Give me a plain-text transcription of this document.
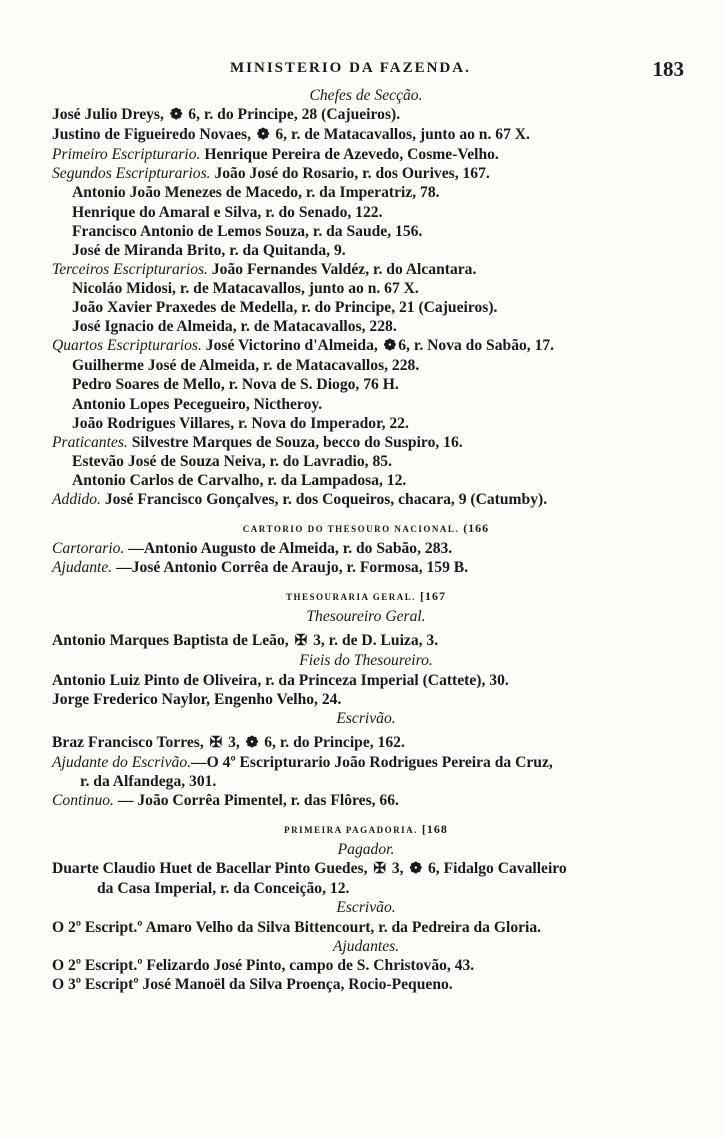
MINISTERIO DA FAZENDA.	183
Chefes de Secção.
José Julio Dreys, ❁ 6, r. do Principe, 28 (Cajueiros).
Justino de Figueiredo Novaes, ❁ 6, r. de Matacavallos, junto ao n. 67 X.
Primeiro Escripturario. Henrique Pereira de Azevedo, Cosme-Velho.
Segundos Escripturarios. João José do Rosario, r. dos Ourives, 167.
Antonio João Menezes de Macedo, r. da Imperatriz, 78.
Henrique do Amaral e Silva, r. do Senado, 122.
Francisco Antonio de Lemos Souza, r. da Saude, 156.
José de Miranda Brito, r. da Quitanda, 9.
Terceiros Escripturarios. João Fernandes Valdéz, r. do Alcantara.
Nicoláo Midosi, r. de Matacavallos, junto ao n. 67 X.
João Xavier Praxedes de Medella, r. do Principe, 21 (Cajueiros).
José Ignacio de Almeida, r. de Matacavallos, 228.
Quartos Escripturarios. José Victorino d'Almeida, ❁ 6, r. Nova do Sabão, 17.
Guilherme José de Almeida, r. de Matacavallos, 228.
Pedro Soares de Mello, r. Nova de S. Diogo, 76 H.
Antonio Lopes Pecegueiro, Nictheroy.
João Rodrigues Villares, r. Nova do Imperador, 22.
Praticantes. Silvestre Marques de Souza, becco do Suspiro, 16.
Estevão José de Souza Neiva, r. do Lavradio, 85.
Antonio Carlos de Carvalho, r. da Lampadosa, 12.
Addido. José Francisco Gonçalves, r. dos Coqueiros, chacara, 9 (Catumby).
CARTORIO DO THESOURO NACIONAL. (166
Cartorario. —Antonio Augusto de Almeida, r. do Sabão, 283.
Ajudante. —José Antonio Corrêa de Araujo, r. Formosa, 159 B.
THESOURARIA GERAL. [167
Thesoureiro Geral.
Antonio Marques Baptista de Leão, ✠ 3, r. de D. Luiza, 3.
Fieis do Thesoureiro.
Antonio Luiz Pinto de Oliveira, r. da Princeza Imperial (Cattete), 30.
Jorge Frederico Naylor, Engenho Velho, 24.
Escrivão.
Braz Francisco Torres, ✠ 3, ❁ 6, r. do Principe, 162.
Ajudante do Escrivão.—O 4º Escripturario João Rodrigues Pereira da Cruz,
r. da Alfandega, 301.
Continuo. — João Corrêa Pimentel, r. das Flôres, 66.
PRIMEIRA PAGADORIA. [168
Pagador.
Duarte Claudio Huet de Bacellar Pinto Guedes, ✠ 3, ❁ 6, Fidalgo Cavalleiro
da Casa Imperial, r. da Conceição, 12.
Escrivão.
O 2º Escript.º Amaro Velho da Silva Bittencourt, r. da Pedreira da Gloria.
Ajudantes.
O 2º Escript.º Felizardo José Pinto, campo de S. Christovão, 43.
O 3º Escriptº José Manoël da Silva Proença, Rocio-Pequeno.
